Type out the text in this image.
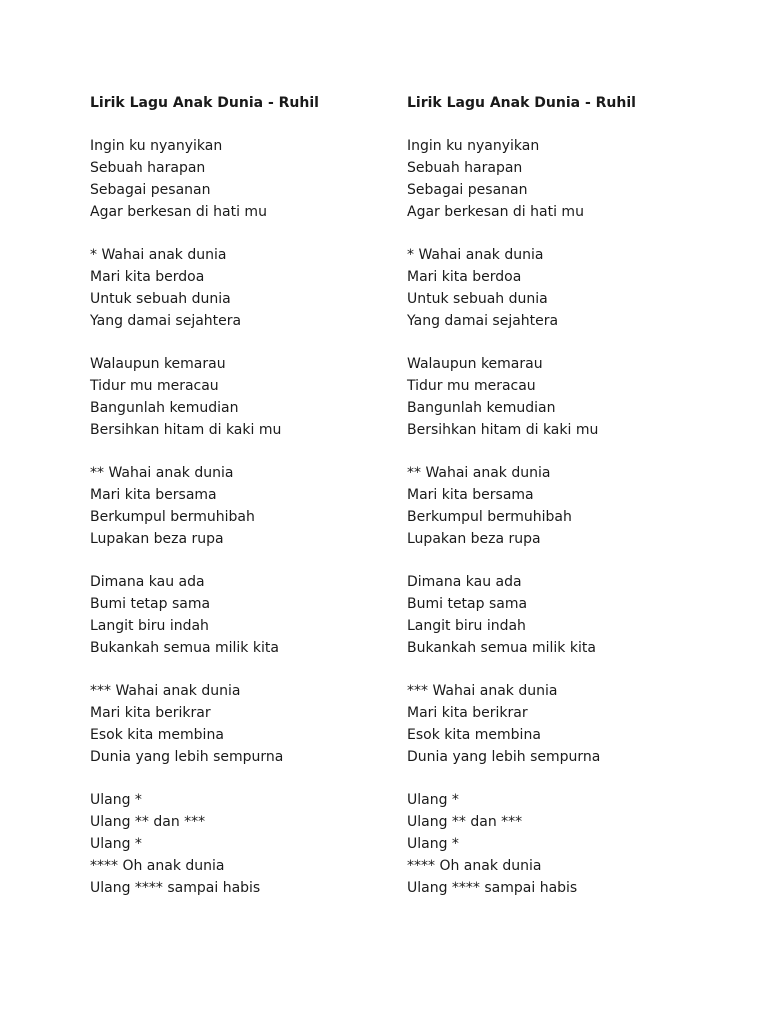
Lirik Lagu Anak Dunia - Ruhil
Ingin ku nyanyikan
Sebuah harapan
Sebagai pesanan
Agar berkesan di hati mu
* Wahai anak dunia
Mari kita berdoa
Untuk sebuah dunia
Yang damai sejahtera
Walaupun kemarau
Tidur mu meracau
Bangunlah kemudian
Bersihkan hitam di kaki mu
** Wahai anak dunia
Mari kita bersama
Berkumpul bermuhibah
Lupakan beza rupa
Dimana kau ada
Bumi tetap sama
Langit biru indah
Bukankah semua milik kita
*** Wahai anak dunia
Mari kita berikrar
Esok kita membina
Dunia yang lebih sempurna
Ulang *
Ulang ** dan ***
Ulang *
**** Oh anak dunia
Ulang **** sampai habis
Lirik Lagu Anak Dunia - Ruhil
Ingin ku nyanyikan
Sebuah harapan
Sebagai pesanan
Agar berkesan di hati mu
* Wahai anak dunia
Mari kita berdoa
Untuk sebuah dunia
Yang damai sejahtera
Walaupun kemarau
Tidur mu meracau
Bangunlah kemudian
Bersihkan hitam di kaki mu
** Wahai anak dunia
Mari kita bersama
Berkumpul bermuhibah
Lupakan beza rupa
Dimana kau ada
Bumi tetap sama
Langit biru indah
Bukankah semua milik kita
*** Wahai anak dunia
Mari kita berikrar
Esok kita membina
Dunia yang lebih sempurna
Ulang *
Ulang ** dan ***
Ulang *
**** Oh anak dunia
Ulang **** sampai habis
